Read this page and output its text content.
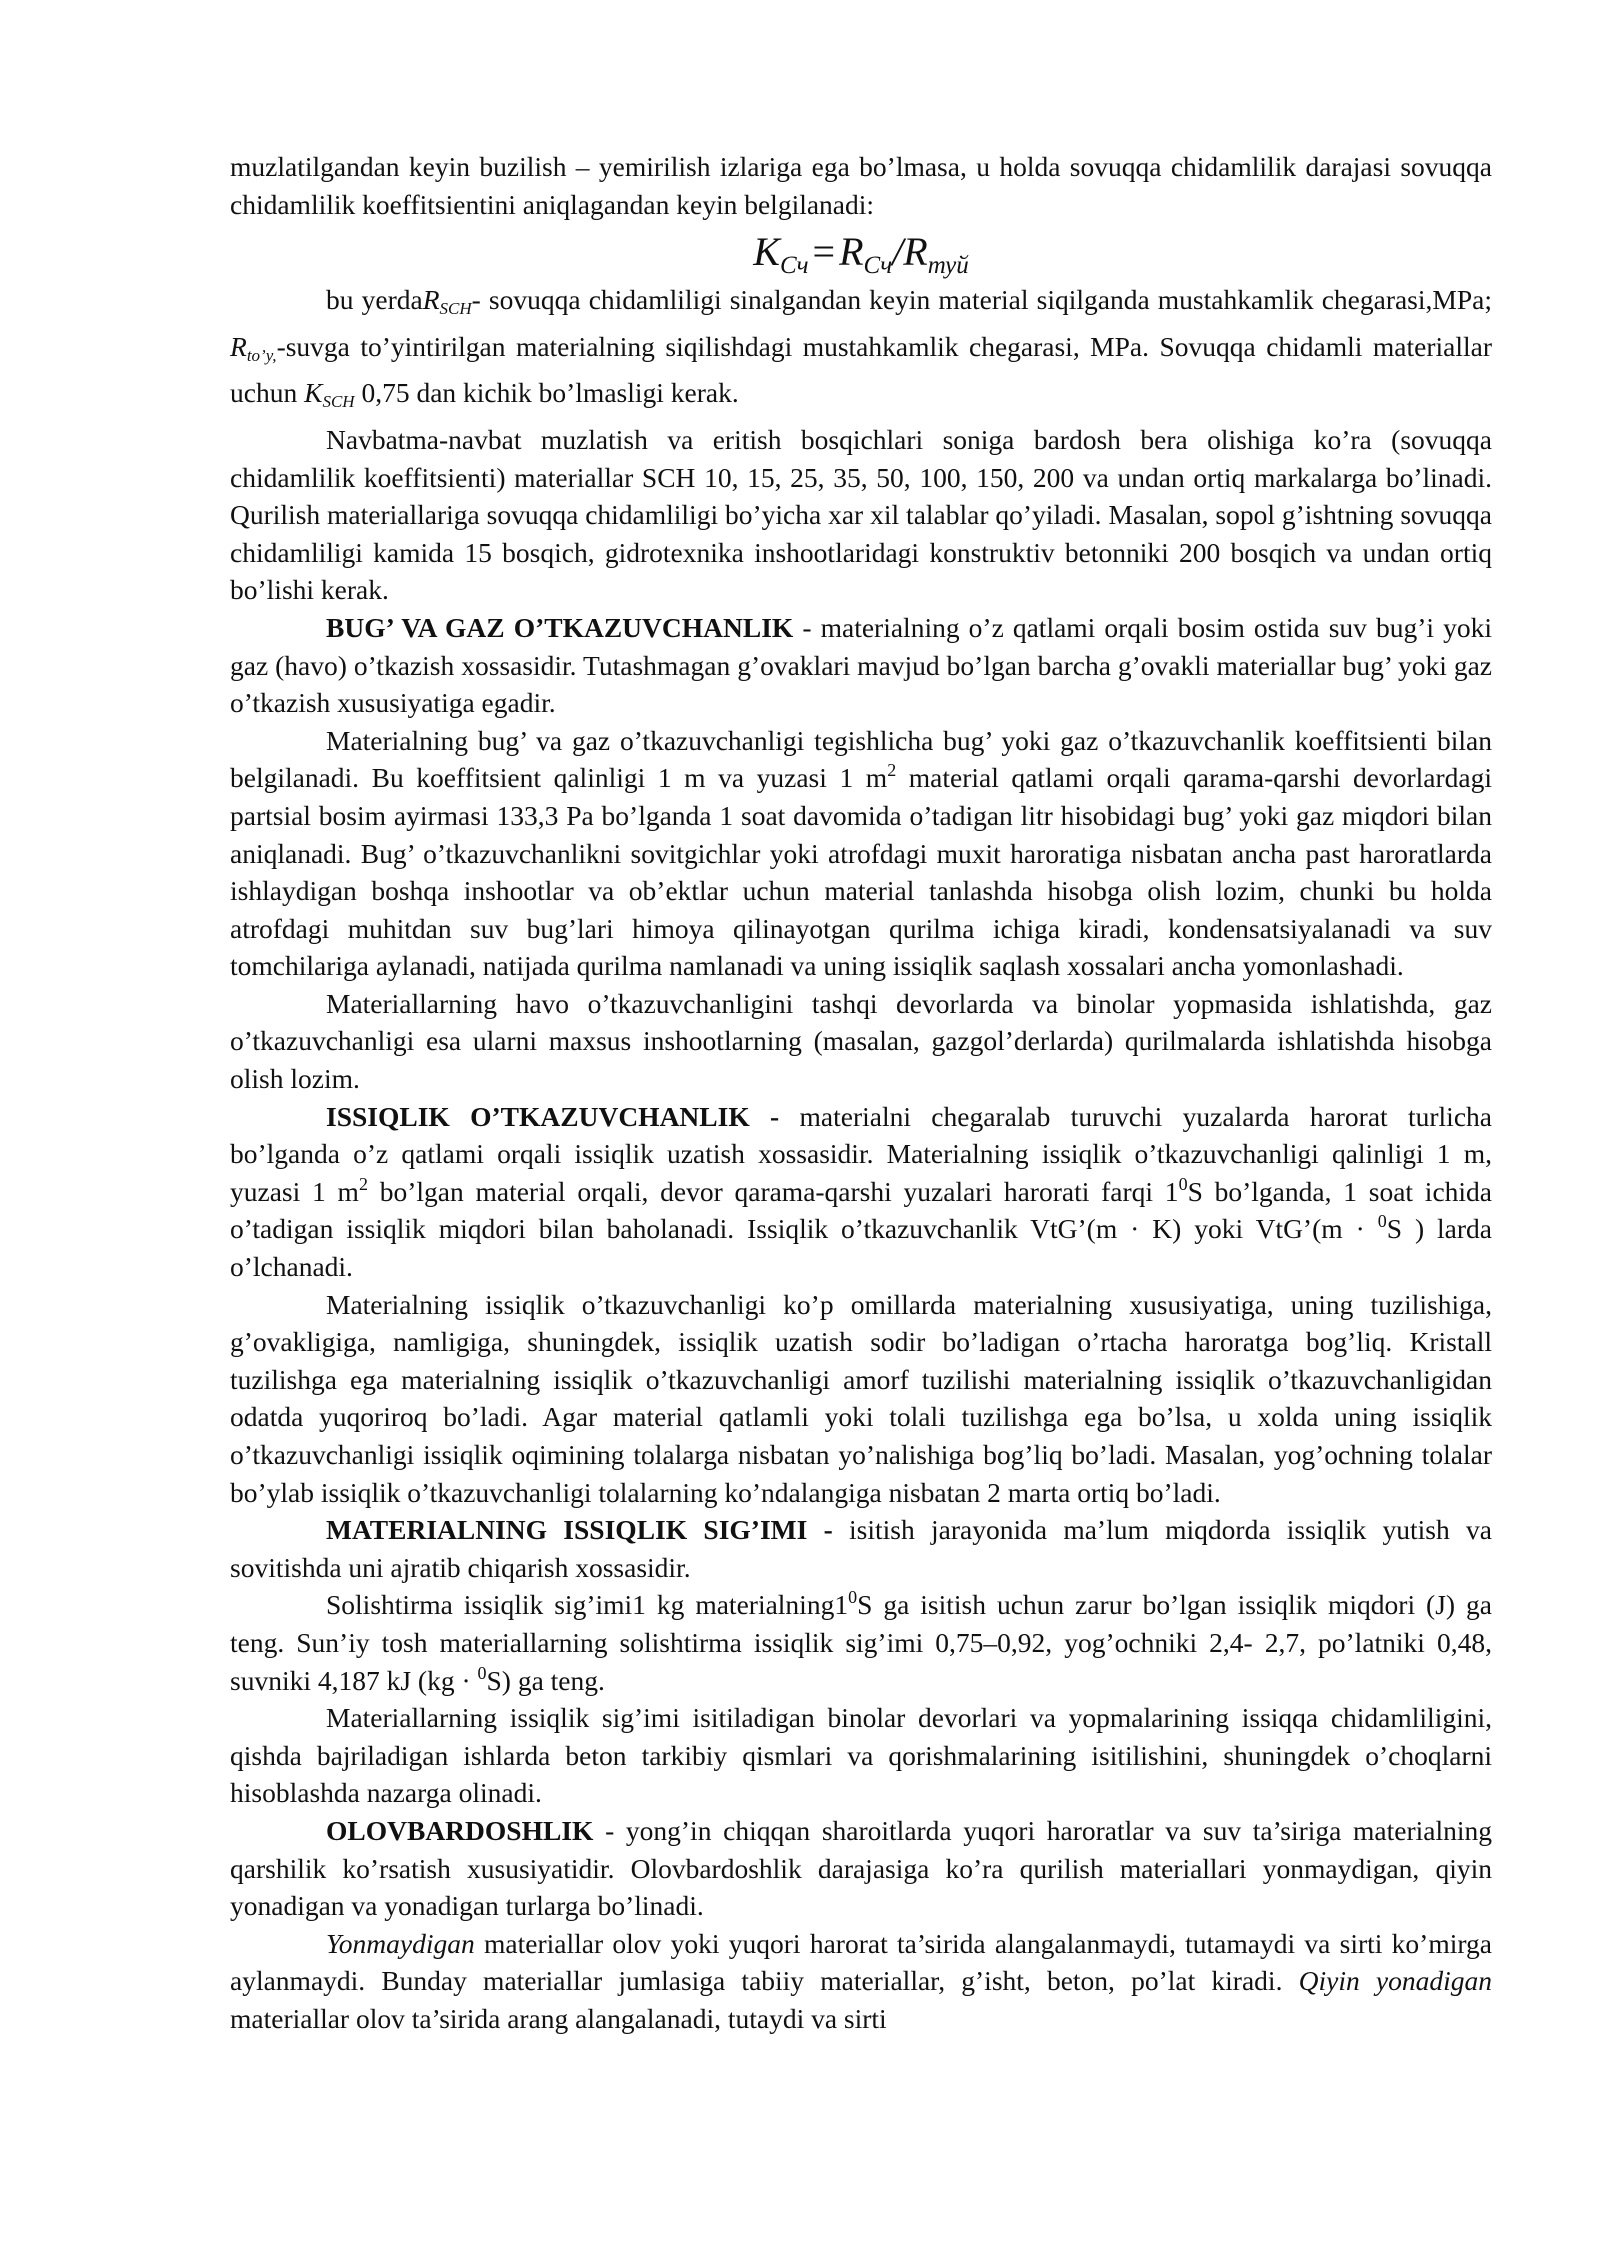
muzlatilgandan keyin buzilish – yemirilish izlariga ega bo’lmasa, u holda sovuqqa chidamlilik darajasi sovuqqa chidamlilik koeffitsientini aniqlagandan keyin belgilanadi:

$K_{Сч} = R_{Сч}/R_{туй}$

bu yerdaRSCH- sovuqqa chidamliligi sinalgandan keyin material siqilganda mustahkamlik chegarasi,MPa; Rto’y,-suvga to’yintirilgan materialning siqilishdagi mustahkamlik chegarasi, MPa. Sovuqqa chidamli materiallar uchun KSCH 0,75 dan kichik bo’lmasligi kerak.

Navbatma-navbat muzlatish va eritish bosqichlari soniga bardosh bera olishiga ko’ra (sovuqqa chidamlilik koeffitsienti) materiallar SCH 10, 15, 25, 35, 50, 100, 150, 200 va undan ortiq markalarga bo’linadi. Qurilish materiallariga sovuqqa chidamliligi bo’yicha xar xil talablar qo’yiladi. Masalan, sopol g’ishtning sovuqqa chidamliligi kamida 15 bosqich, gidrotexnika inshootlaridagi konstruktiv betonniki 200 bosqich va undan ortiq bo’lishi kerak.

BUG’ VA GAZ O’TKAZUVCHANLIK - materialning o’z qatlami orqali bosim ostida suv bug’i yoki gaz (havo) o’tkazish xossasidir. Tutashmagan g’ovaklari mavjud bo’lgan barcha g’ovakli materiallar bug’ yoki gaz o’tkazish xususiyatiga egadir.

Materialning bug’ va gaz o’tkazuvchanligi tegishlicha bug’ yoki gaz o’tkazuvchanlik koeffitsienti bilan belgilanadi. Bu koeffitsient qalinligi 1 m va yuzasi 1 $m^2$ material qatlami orqali qarama-qarshi devorlardagi partsial bosim ayirmasi 133,3 Pa bo’lganda 1 soat davomida o’tadigan litr hisobidagi bug’ yoki gaz miqdori bilan aniqlanadi. Bug’ o’tkazuvchanlikni sovitgichlar yoki atrofdagi muxit haroratiga nisbatan ancha past haroratlarda ishlaydigan boshqa inshootlar va ob’ektlar uchun material tanlashda hisobga olish lozim, chunki bu holda atrofdagi muhitdan suv bug’lari himoya qilinayotgan qurilma ichiga kiradi, kondensatsiyalanadi va suv tomchilariga aylanadi, natijada qurilma namlanadi va uning issiqlik saqlash xossalari ancha yomonlashadi.

Materiallarning havo o’tkazuvchanligini tashqi devorlarda va binolar yopmasida ishlatishda, gaz o’tkazuvchanligi esa ularni maxsus inshootlarning (masalan, gazgol’derlarda) qurilmalarda ishlatishda hisobga olish lozim.

ISSIQLIK O’TKAZUVCHANLIK - materialni chegaralab turuvchi yuzalarda harorat turlicha bo’lganda o’z qatlami orqali issiqlik uzatish xossasidir. Materialning issiqlik o’tkazuvchanligi qalinligi 1 m, yuzasi 1 $m^2$ bo’lgan material orqali, devor qarama-qarshi yuzalari harorati farqi $1^0S$ bo’lganda, 1 soat ichida o’tadigan issiqlik miqdori bilan baholanadi. Issiqlik o’tkazuvchanlik VtG’(m · K) yoki VtG’(m · $^0$S ) larda o’lchanadi.

Materialning issiqlik o’tkazuvchanligi ko’p omillarda materialning xususiyatiga, uning tuzilishiga, g’ovakligiga, namligiga, shuningdek, issiqlik uzatish sodir bo’ladigan o’rtacha haroratga bog’liq. Kristall tuzilishga ega materialning issiqlik o’tkazuvchanligi amorf tuzilishi materialning issiqlik o’tkazuvchanligidan odatda yuqoriroq bo’ladi. Agar material qatlamli yoki tolali tuzilishga ega bo’lsa, u xolda uning issiqlik o’tkazuvchanligi issiqlik oqimining tolalarga nisbatan yo’nalishiga bog’liq bo’ladi. Masalan, yog’ochning tolalar bo’ylab issiqlik o’tkazuvchanligi tolalarning ko’ndalangiga nisbatan 2 marta ortiq bo’ladi.

MATERIALNING ISSIQLIK SIG’IMI - isitish jarayonida ma’lum miqdorda issiqlik yutish va sovitishda uni ajratib chiqarish xossasidir.

Solishtirma issiqlik sig’imi1 kg $materialning1^0S$ ga isitish uchun zarur bo’lgan issiqlik miqdori (J) ga teng. Sun’iy tosh materiallarning solishtirma issiqlik sig’imi 0,75–0,92, yog’ochniki 2,4- 2,7, po’latniki 0,48, suvniki 4,187 kJ (kg · $^0$S) ga teng.

Materiallarning issiqlik sig’imi isitiladigan binolar devorlari va yopmalarining issiqqa chidamliligini, qishda bajriladigan ishlarda beton tarkibiy qismlari va qorishmalarining isitilishini, shuningdek o’choqlarni hisoblashda nazarga olinadi.

OLOVBARDOSHLIK - yong’in chiqqan sharoitlarda yuqori haroratlar va suv ta’siriga materialning qarshilik ko’rsatish xususiyatidir. Olovbardoshlik darajasiga ko’ra qurilish materiallari yonmaydigan, qiyin yonadigan va yonadigan turlarga bo’linadi.

Yonmaydigan materiallar olov yoki yuqori harorat ta’sirida alangalanmaydi, tutamaydi va sirti ko’mirga aylanmaydi. Bunday materiallar jumlasiga tabiiy materiallar, g’isht, beton, po’lat kiradi. Qiyin yonadigan materiallar olov ta’sirida arang alangalanadi, tutaydi va sirti
